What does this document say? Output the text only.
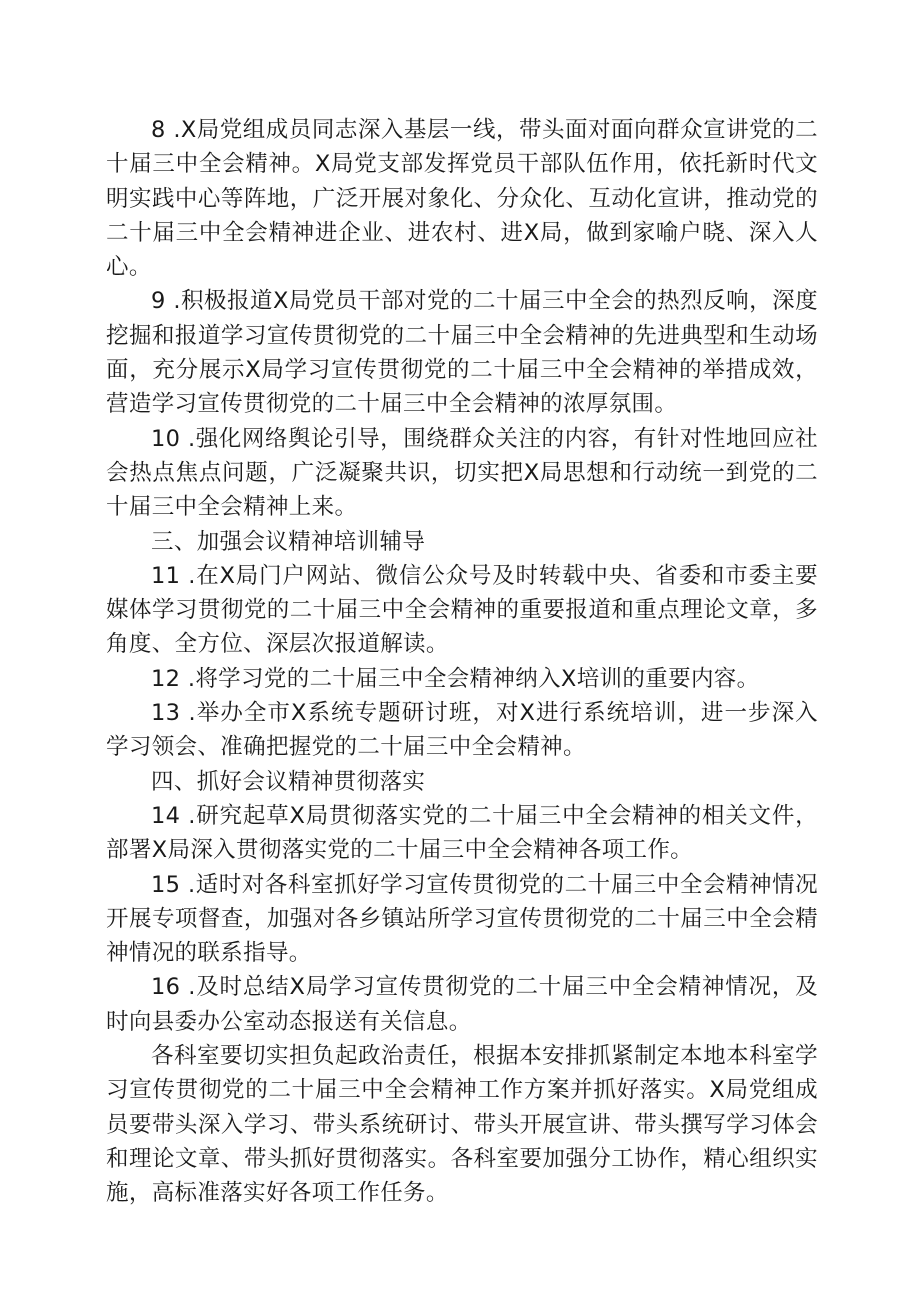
8 .X局党组成员同志深入基层一线，带头面对面向群众宣讲党的二十届三中全会精神。X局党支部发挥党员干部队伍作用，依托新时代文明实践中心等阵地，广泛开展对象化、分众化、互动化宣讲，推动党的二十届三中全会精神进企业、进农村、进X局，做到家喻户晓、深入人心。

9 .积极报道X局党员干部对党的二十届三中全会的热烈反响，深度挖掘和报道学习宣传贯彻党的二十届三中全会精神的先进典型和生动场面，充分展示X局学习宣传贯彻党的二十届三中全会精神的举措成效，营造学习宣传贯彻党的二十届三中全会精神的浓厚氛围。

10 .强化网络舆论引导，围绕群众关注的内容，有针对性地回应社会热点焦点问题，广泛凝聚共识，切实把X局思想和行动统一到党的二十届三中全会精神上来。

三、加强会议精神培训辅导

11 .在X局门户网站、微信公众号及时转载中央、省委和市委主要媒体学习贯彻党的二十届三中全会精神的重要报道和重点理论文章，多角度、全方位、深层次报道解读。

12 .将学习党的二十届三中全会精神纳入X培训的重要内容。

13 .举办全市X系统专题研讨班，对X进行系统培训，进一步深入学习领会、准确把握党的二十届三中全会精神。

四、抓好会议精神贯彻落实

14 .研究起草X局贯彻落实党的二十届三中全会精神的相关文件，部署X局深入贯彻落实党的二十届三中全会精神各项工作。

15 .适时对各科室抓好学习宣传贯彻党的二十届三中全会精神情况开展专项督查，加强对各乡镇站所学习宣传贯彻党的二十届三中全会精神情况的联系指导。

16 .及时总结X局学习宣传贯彻党的二十届三中全会精神情况，及时向县委办公室动态报送有关信息。

各科室要切实担负起政治责任，根据本安排抓紧制定本地本科室学习宣传贯彻党的二十届三中全会精神工作方案并抓好落实。X局党组成员要带头深入学习、带头系统研讨、带头开展宣讲、带头撰写学习体会和理论文章、带头抓好贯彻落实。各科室要加强分工协作，精心组织实施，高标准落实好各项工作任务。
